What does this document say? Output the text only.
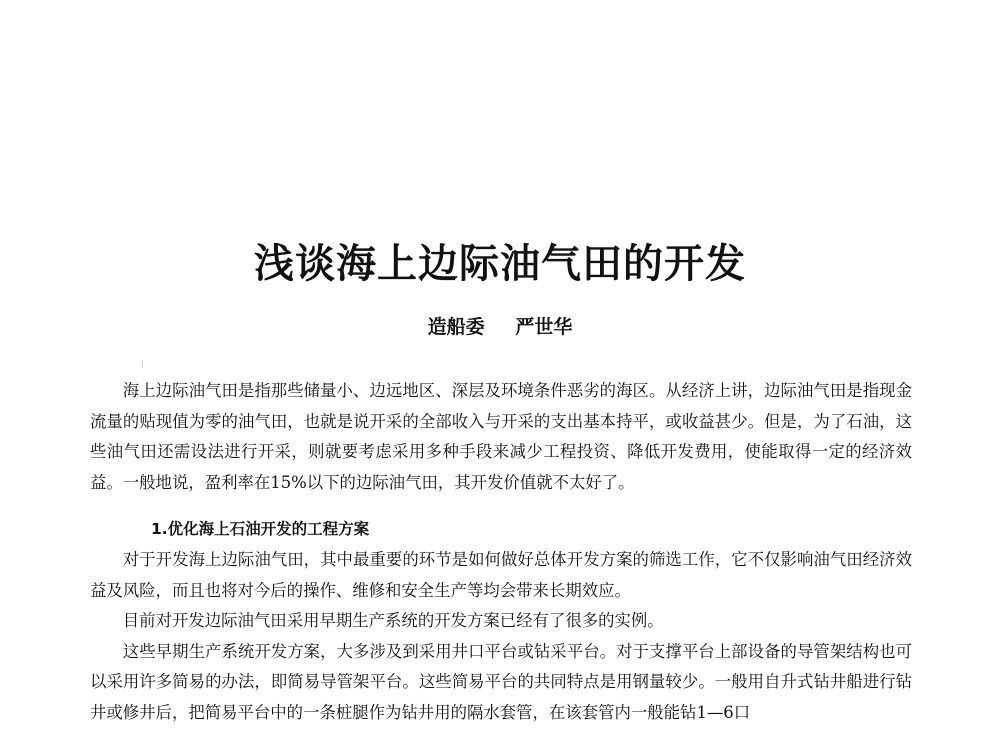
浅谈海上边际油气田的开发
造船委 严世华

海上边际油气田是指那些储量小、边远地区、深层及环境条件恶劣的海区。从经济上讲，边际油气田是指现金流量的贴现值为零的油气田，也就是说开采的全部收入与开采的支出基本持平，或收益甚少。但是，为了石油，这些油气田还需设法进行开采，则就要考虑采用多种手段来减少工程投资、降低开发费用，使能取得一定的经济效益。一般地说，盈利率在15%以下的边际油气田，其开发价值就不太好了。

1.优化海上石油开发的工程方案

对于开发海上边际油气田，其中最重要的环节是如何做好总体开发方案的筛选工作，它不仅影响油气田经济效益及风险，而且也将对今后的操作、维修和安全生产等均会带来长期效应。

目前对开发边际油气田采用早期生产系统的开发方案已经有了很多的实例。

这些早期生产系统开发方案，大多涉及到采用井口平台或钻采平台。对于支撑平台上部设备的导管架结构也可以采用许多简易的办法，即简易导管架平台。这些简易平台的共同特点是用钢量较少。一般用自升式钻井船进行钻井或修井后，把简易平台中的一条桩腿作为钻井用的隔水套管，在该套管内一般能钻1—6口
